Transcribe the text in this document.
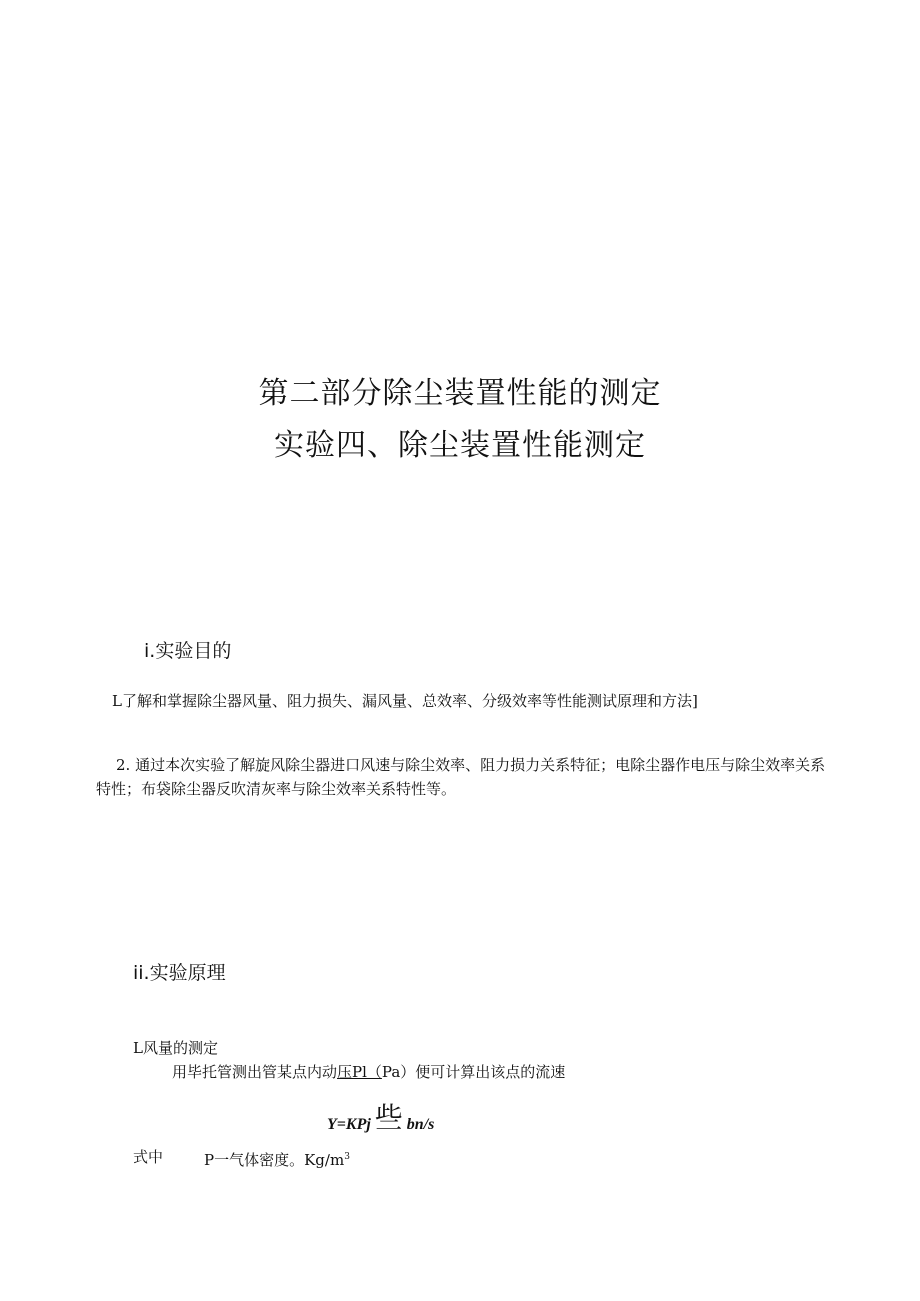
第二部分除尘装置性能的测定
实验四、除尘装置性能测定
i.实验目的
L了解和掌握除尘器风量、阻力损失、漏风量、总效率、分级效率等性能测试原理和方法]
2. 通过本次实验了解旋风除尘器进口风速与除尘效率、阻力损力关系特征；电除尘器作电压与除尘效率关系特性；布袋除尘器反吹清灰率与除尘效率关系特性等。
ii.实验原理
L风量的测定
用毕托管测出管某点内动压Pl（Pa）便可计算出该点的流速
Y=KPj 些 bn/s
式中	P一气体密度。$Kg∕m^3$
